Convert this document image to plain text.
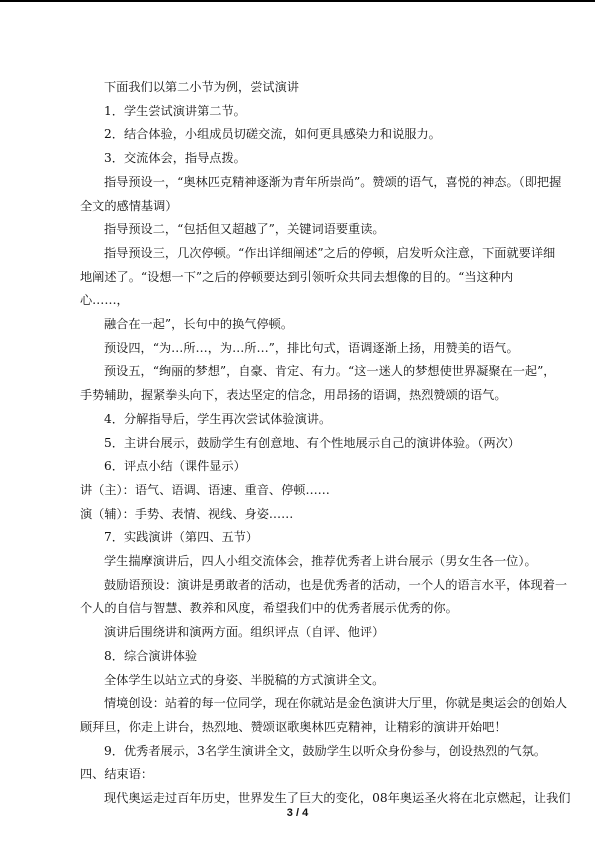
下面我们以第二小节为例，尝试演讲
1．学生尝试演讲第二节。
2．结合体验，小组成员切磋交流，如何更具感染力和说服力。
3．交流体会，指导点拨。
指导预设一，“奥林匹克精神逐渐为青年所崇尚”。赞颂的语气，喜悦的神态。（即把握
全文的感情基调）
指导预设二，“包括但又超越了”，关键词语要重读。
指导预设三，几次停顿。“作出详细阐述”之后的停顿，启发听众注意，下面就要详细
地阐述了。“设想一下”之后的停顿要达到引领听众共同去想像的目的。“当这种内
心……，
融合在一起”，长句中的换气停顿。
预设四，“为…所…，为…所…”，排比句式，语调逐渐上扬，用赞美的语气。
预设五，“绚丽的梦想”，自豪、肯定、有力。“这一迷人的梦想使世界凝聚在一起”，
手势辅助，握紧拳头向下，表达坚定的信念，用昂扬的语调，热烈赞颂的语气。
4．分解指导后，学生再次尝试体验演讲。
5．主讲台展示，鼓励学生有创意地、有个性地展示自己的演讲体验。（两次）
6．评点小结（课件显示）
讲（主）：语气、语调、语速、重音、停顿……
演（辅）：手势、表情、视线、身姿……
7．实践演讲（第四、五节）
学生揣摩演讲后，四人小组交流体会，推荐优秀者上讲台展示（男女生各一位）。
鼓励语预设：演讲是勇敢者的活动，也是优秀者的活动，一个人的语言水平，体现着一
个人的自信与智慧、教养和风度，希望我们中的优秀者展示优秀的你。
演讲后围绕讲和演两方面。组织评点（自评、他评）
8．综合演讲体验
全体学生以站立式的身姿、半脱稿的方式演讲全文。
情境创设：站着的每一位同学，现在你就站是金色演讲大厅里，你就是奥运会的创始人
顾拜旦，你走上讲台，热烈地、赞颂讴歌奥林匹克精神，让精彩的演讲开始吧！
9．优秀者展示，3名学生演讲全文，鼓励学生以听众身份参与，创设热烈的气氛。
四、结束语：
现代奥运走过百年历史，世界发生了巨大的变化，08年奥运圣火将在北京燃起，让我们
3 / 4
